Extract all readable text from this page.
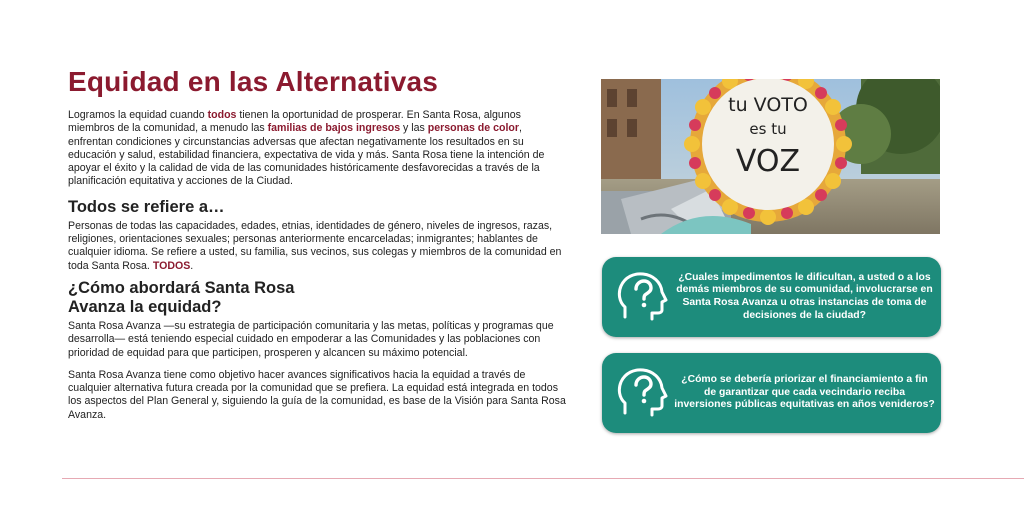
Equidad en las Alternativas

Logramos la equidad cuando todos tienen la oportunidad de prosperar. En Santa Rosa, algunos miembros de la comunidad, a menudo las familias de bajos ingresos y las personas de color, enfrentan condiciones y circunstancias adversas que afectan negativamente los resultados en su educación y salud, estabilidad financiera, expectativa de vida y más. Santa Rosa tiene la intención de apoyar el éxito y la calidad de vida de las comunidades históricamente desfavorecidas a través de la planificación equitativa y acciones de la Ciudad.

Todos se refiere a…

Personas de todas las capacidades, edades, etnias, identidades de género, niveles de ingresos, razas, religiones, orientaciones sexuales; personas anteriormente encarceladas; inmigrantes; hablantes de cualquier idioma. Se refiere a usted, su familia, sus vecinos, sus colegas y miembros de la comunidad en toda Santa Rosa. TODOS.

¿Cómo abordará Santa Rosa
Avanza la equidad?

Santa Rosa Avanza —su estrategia de participación comunitaria y las metas, políticas y programas que desarrolla— está teniendo especial cuidado en empoderar a las Comunidades y las poblaciones con prioridad de equidad para que participen, prosperen y alcancen su máximo potencial.

Santa Rosa Avanza tiene como objetivo hacer avances significativos hacia la equidad a través de cualquier alternativa futura creada por la comunidad que se prefiera. La equidad está integrada en todos los aspectos del Plan General y, siguiendo la guía de la comunidad, es base de la Visión para Santa Rosa Avanza.

tu VOTO
es tu
VOZ
¿Cuales impedimentos le dificultan, a usted o a los demás miembros de su comunidad, involucrarse en Santa Rosa Avanza u otras instancias de toma de decisiones de la ciudad?
¿Cómo se debería priorizar el financiamiento a fin de garantizar que cada vecindario reciba inversiones públicas equitativas en años venideros?
